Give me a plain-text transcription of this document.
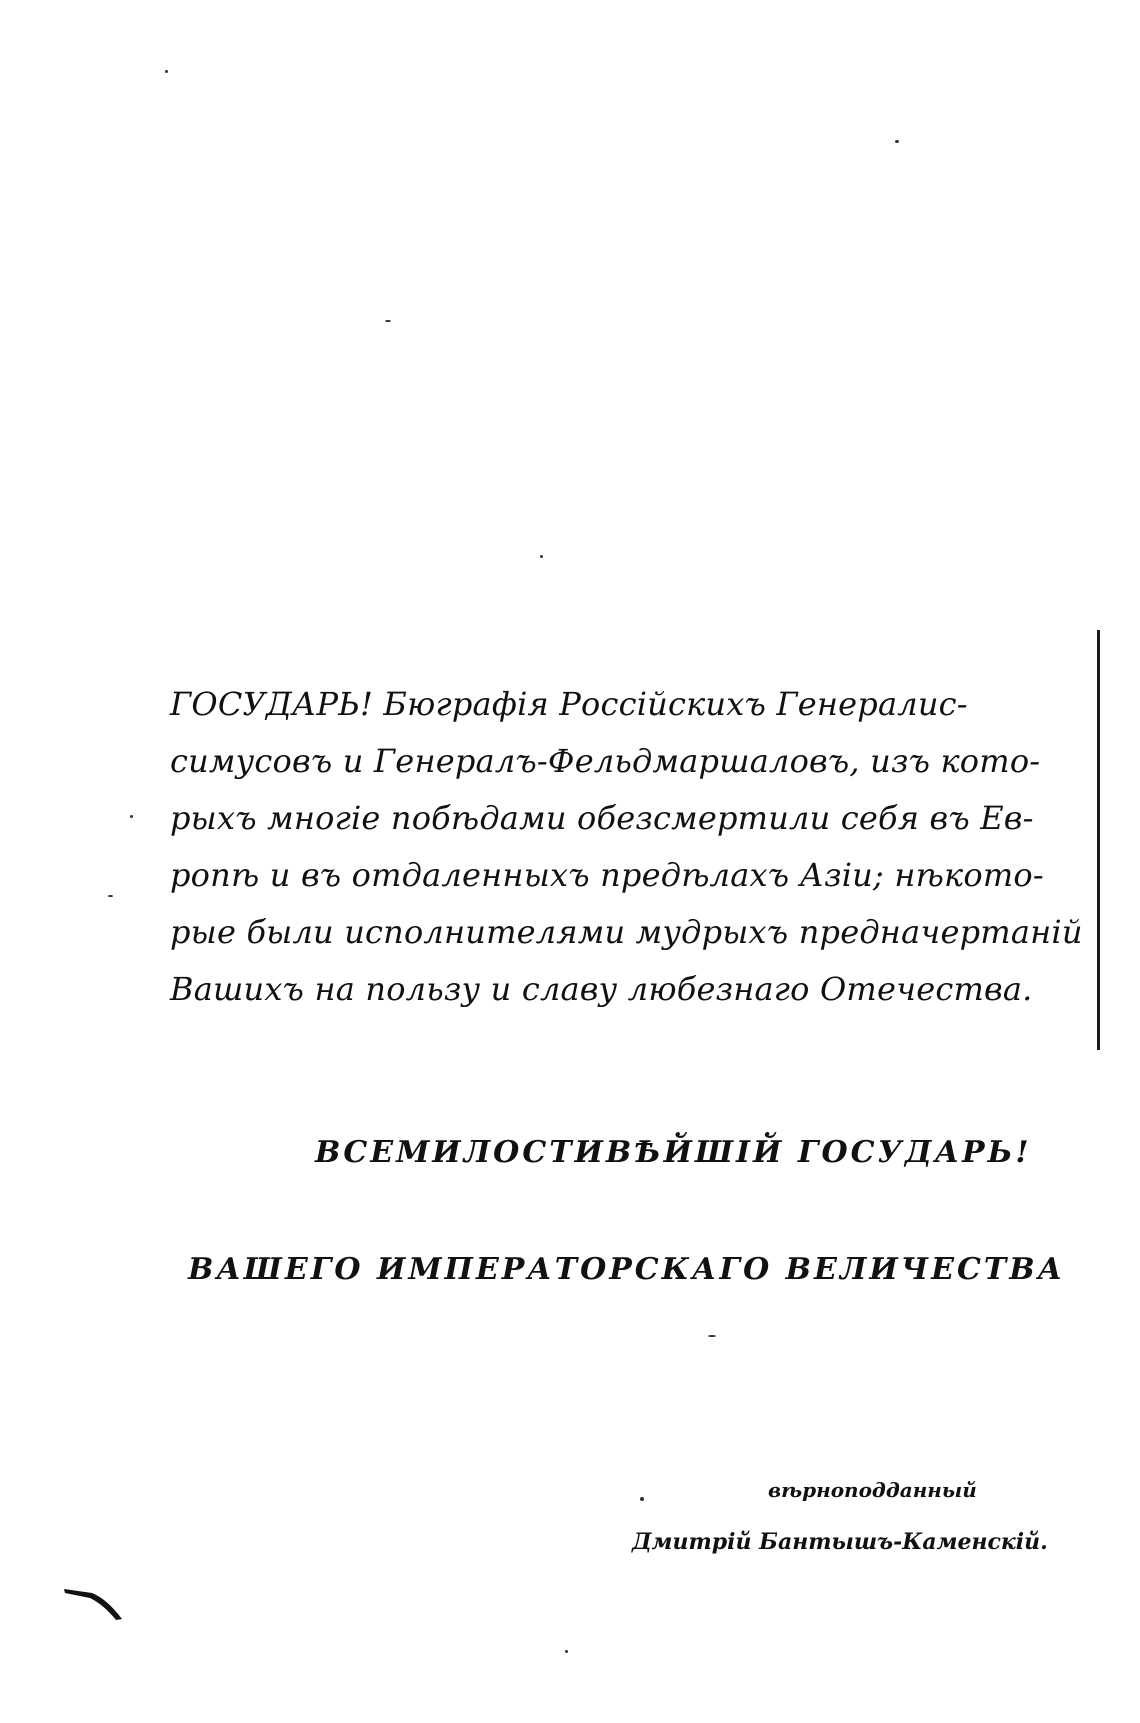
ГОСУДАРЬ! Бюграфія Россійскихъ Генералис-
симусовъ и Генералъ-Фельдмаршаловъ, изъ кото-
рыхъ многіе побѣдами обезсмертили себя въ Ев-
ропѣ и въ отдаленныхъ предѣлахъ Азіи; нѣкото-
рые были исполнителями мудрыхъ предначертаній
Вашихъ на пользу и славу любезнаго Отечества.
ВСЕМИЛОСТИВѢЙШІЙ ГОСУДАРЬ!
ВАШЕГО ИМПЕРАТОРСКАГО ВЕЛИЧЕСТВА
вѣрноподданный
Дмитрій Бантышъ-Каменскій.
